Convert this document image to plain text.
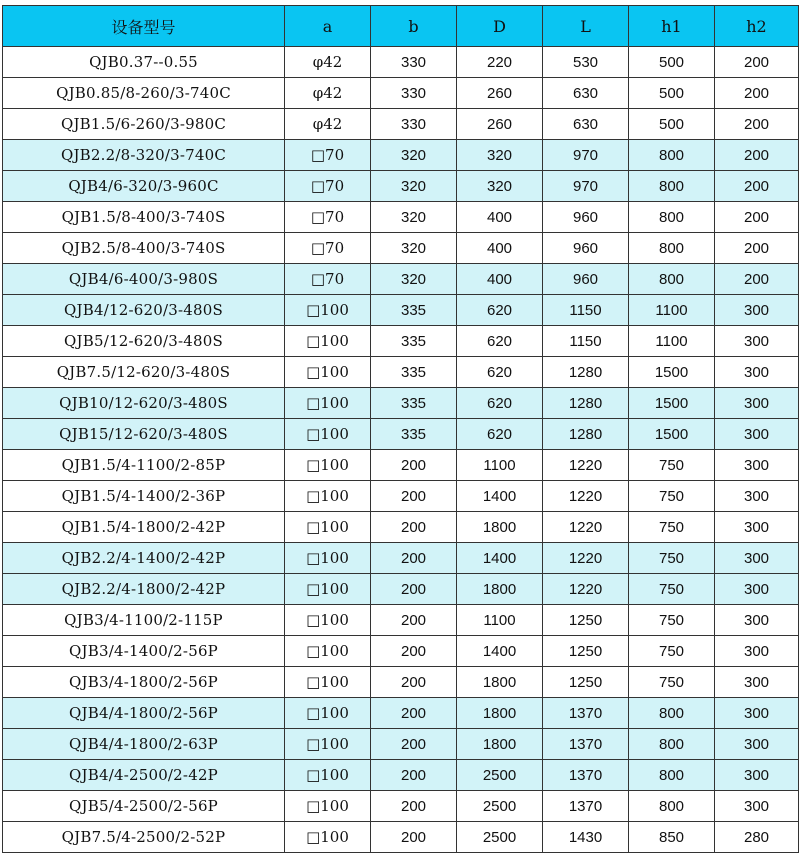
设备型号	a	b	D	L	h1	h2
QJB0.37--0.55	φ42	330	220	530	500	200
QJB0.85/8-260/3-740C	φ42	330	260	630	500	200
QJB1.5/6-260/3-980C	φ42	330	260	630	500	200
QJB2.2/8-320/3-740C	□70	320	320	970	800	200
QJB4/6-320/3-960C	□70	320	320	970	800	200
QJB1.5/8-400/3-740S	□70	320	400	960	800	200
QJB2.5/8-400/3-740S	□70	320	400	960	800	200
QJB4/6-400/3-980S	□70	320	400	960	800	200
QJB4/12-620/3-480S	□100	335	620	1150	1100	300
QJB5/12-620/3-480S	□100	335	620	1150	1100	300
QJB7.5/12-620/3-480S	□100	335	620	1280	1500	300
QJB10/12-620/3-480S	□100	335	620	1280	1500	300
QJB15/12-620/3-480S	□100	335	620	1280	1500	300
QJB1.5/4-1100/2-85P	□100	200	1100	1220	750	300
QJB1.5/4-1400/2-36P	□100	200	1400	1220	750	300
QJB1.5/4-1800/2-42P	□100	200	1800	1220	750	300
QJB2.2/4-1400/2-42P	□100	200	1400	1220	750	300
QJB2.2/4-1800/2-42P	□100	200	1800	1220	750	300
QJB3/4-1100/2-115P	□100	200	1100	1250	750	300
QJB3/4-1400/2-56P	□100	200	1400	1250	750	300
QJB3/4-1800/2-56P	□100	200	1800	1250	750	300
QJB4/4-1800/2-56P	□100	200	1800	1370	800	300
QJB4/4-1800/2-63P	□100	200	1800	1370	800	300
QJB4/4-2500/2-42P	□100	200	2500	1370	800	300
QJB5/4-2500/2-56P	□100	200	2500	1370	800	300
QJB7.5/4-2500/2-52P	□100	200	2500	1430	850	280
